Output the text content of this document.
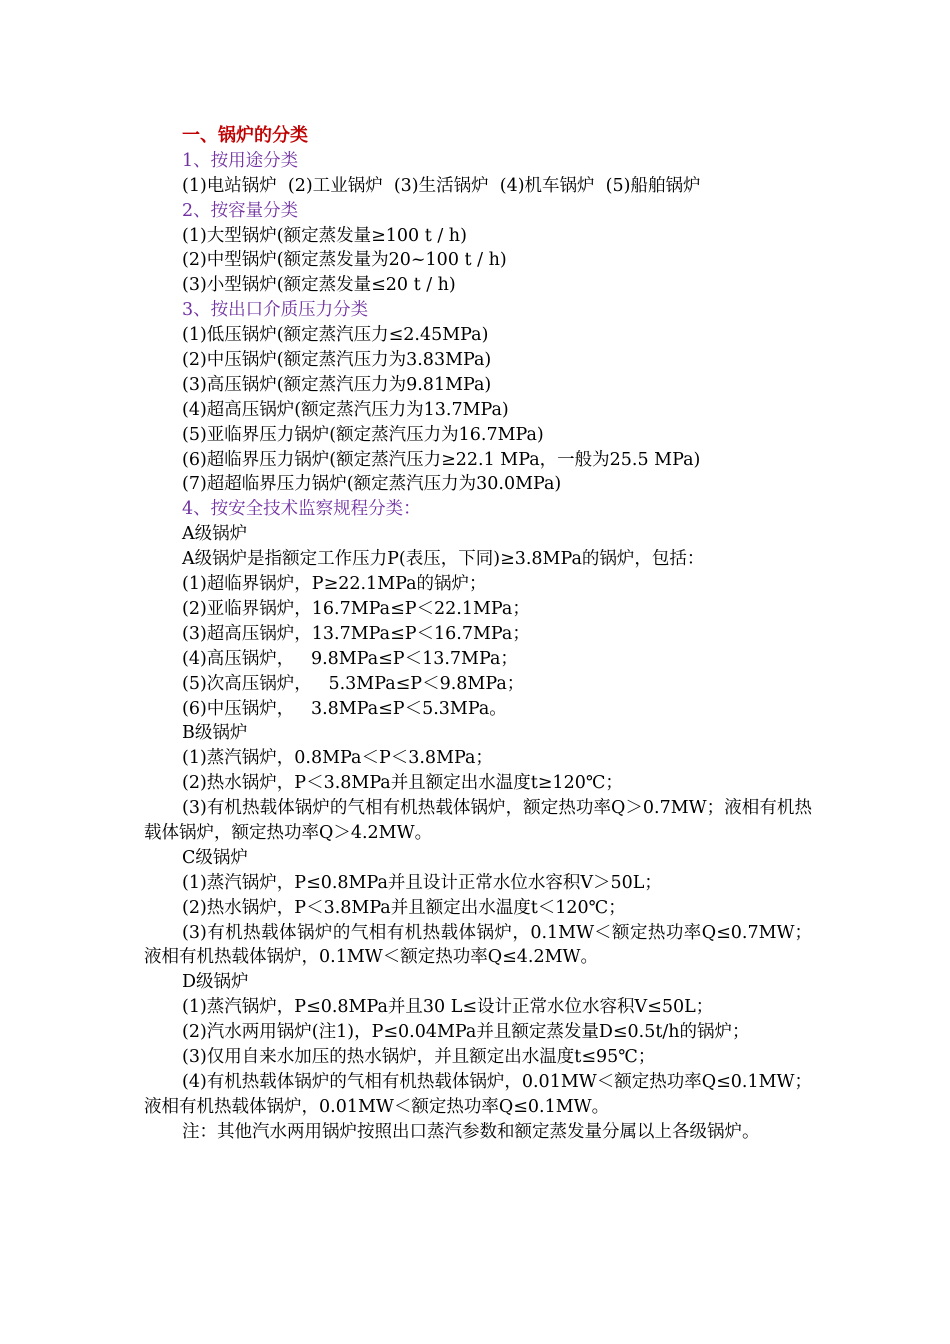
一、锅炉的分类

1、按用途分类

(1)电站锅炉  (2)工业锅炉  (3)生活锅炉  (4)机车锅炉  (5)船舶锅炉

2、按容量分类

(1)大型锅炉(额定蒸发量≥100 t / h)

(2)中型锅炉(额定蒸发量为20~100 t / h)

(3)小型锅炉(额定蒸发量≤20 t / h)

3、按出口介质压力分类

(1)低压锅炉(额定蒸汽压力≤2.45MPa)

(2)中压锅炉(额定蒸汽压力为3.83MPa)

(3)高压锅炉(额定蒸汽压力为9.81MPa)

(4)超高压锅炉(额定蒸汽压力为13.7MPa)

(5)亚临界压力锅炉(额定蒸汽压力为16.7MPa)

(6)超临界压力锅炉(额定蒸汽压力≥22.1 MPa，一般为25.5 MPa)

(7)超超临界压力锅炉(额定蒸汽压力为30.0MPa)

4、按安全技术监察规程分类：

A级锅炉

A级锅炉是指额定工作压力P(表压，下同)≥3.8MPa的锅炉，包括：

(1)超临界锅炉，P≥22.1MPa的锅炉；

(2)亚临界锅炉，16.7MPa≤P＜22.1MPa；

(3)超高压锅炉，13.7MPa≤P＜16.7MPa；

(4)高压锅炉，   9.8MPa≤P＜13.7MPa；

(5)次高压锅炉，   5.3MPa≤P＜9.8MPa；

(6)中压锅炉，   3.8MPa≤P＜5.3MPa。

B级锅炉

(1)蒸汽锅炉，0.8MPa＜P＜3.8MPa；

(2)热水锅炉，P＜3.8MPa并且额定出水温度t≥120℃；

(3)有机热载体锅炉的气相有机热载体锅炉，额定热功率Q＞0.7MW；液相有机热载体锅炉，额定热功率Q＞4.2MW。

C级锅炉

(1)蒸汽锅炉，P≤0.8MPa并且设计正常水位水容积V＞50L；

(2)热水锅炉，P＜3.8MPa并且额定出水温度t＜120℃；

(3)有机热载体锅炉的气相有机热载体锅炉，0.1MW＜额定热功率Q≤0.7MW；液相有机热载体锅炉，0.1MW＜额定热功率Q≤4.2MW。

D级锅炉

(1)蒸汽锅炉，P≤0.8MPa并且30 L≤设计正常水位水容积V≤50L；

(2)汽水两用锅炉(注1)，P≤0.04MPa并且额定蒸发量D≤0.5t/h的锅炉；

(3)仅用自来水加压的热水锅炉，并且额定出水温度t≤95℃；

(4)有机热载体锅炉的气相有机热载体锅炉，0.01MW＜额定热功率Q≤0.1MW；液相有机热载体锅炉，0.01MW＜额定热功率Q≤0.1MW。

注：其他汽水两用锅炉按照出口蒸汽参数和额定蒸发量分属以上各级锅炉。
